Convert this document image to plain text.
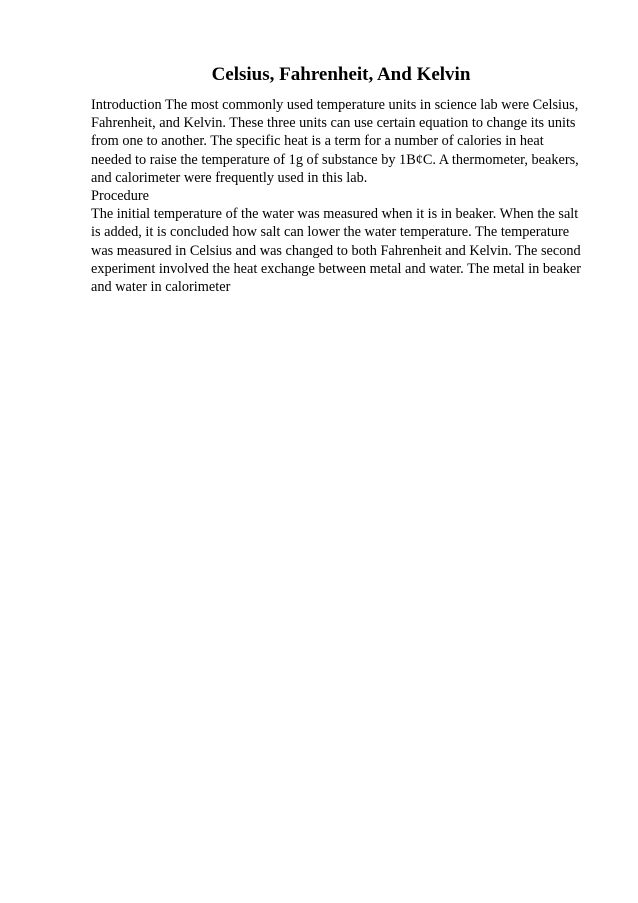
Celsius, Fahrenheit, And Kelvin
Introduction The most commonly used temperature units in science lab were Celsius,
Fahrenheit, and Kelvin. These three units can use certain equation to change its units
from one to another. The specific heat is a term for a number of calories in heat
needed to raise the temperature of 1g of substance by 1B¢C. A thermometer, beakers,
and calorimeter were frequently used in this lab.
Procedure
The initial temperature of the water was measured when it is in beaker. When the salt
is added, it is concluded how salt can lower the water temperature. The temperature
was measured in Celsius and was changed to both Fahrenheit and Kelvin. The second
experiment involved the heat exchange between metal and water. The metal in beaker
and water in calorimeter
